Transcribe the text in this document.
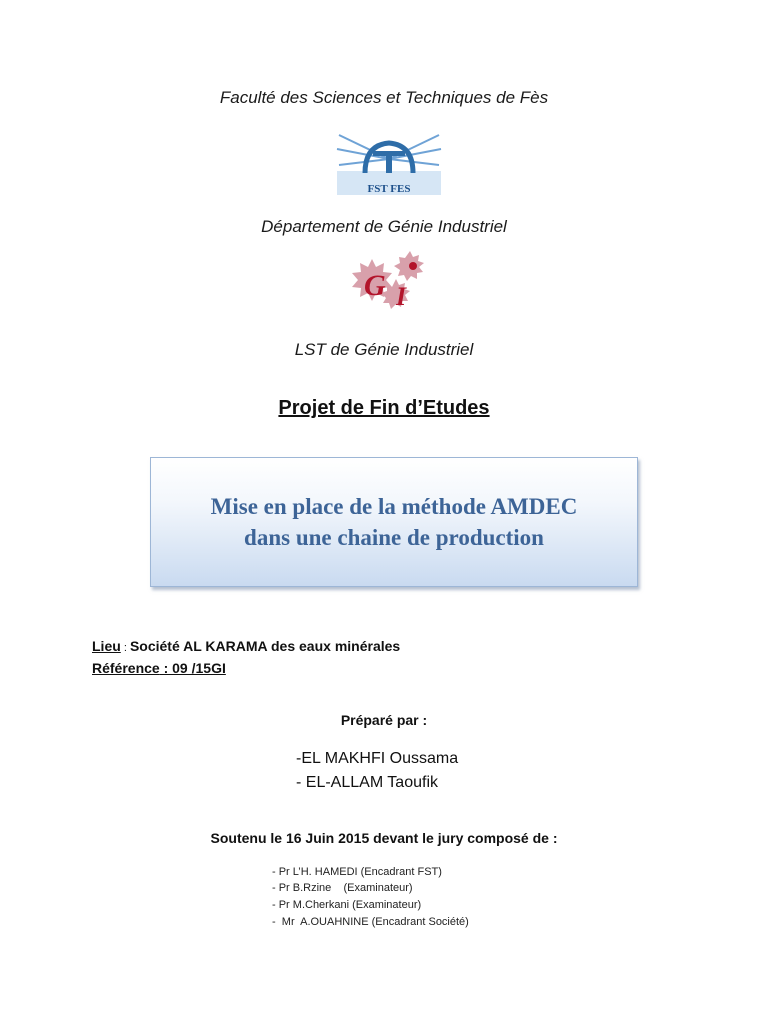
Faculté des Sciences et Techniques de Fès
FST FES
Département de Génie Industriel
G I
LST de Génie Industriel
Projet de Fin d’Etudes
Mise en place de la méthode AMDEC
dans une chaine de production
Lieu : Société AL KARAMA des eaux minérales
Référence : 09 /15GI
Préparé par :
-EL MAKHFI Oussama
- EL-ALLAM Taoufik
Soutenu le 16 Juin 2015 devant le jury composé de :
- Pr L’H. HAMEDI (Encadrant FST)
- Pr B.Rzine    (Examinateur)
- Pr M.Cherkani (Examinateur)
-  Mr  A.OUAHNINE (Encadrant Société)
